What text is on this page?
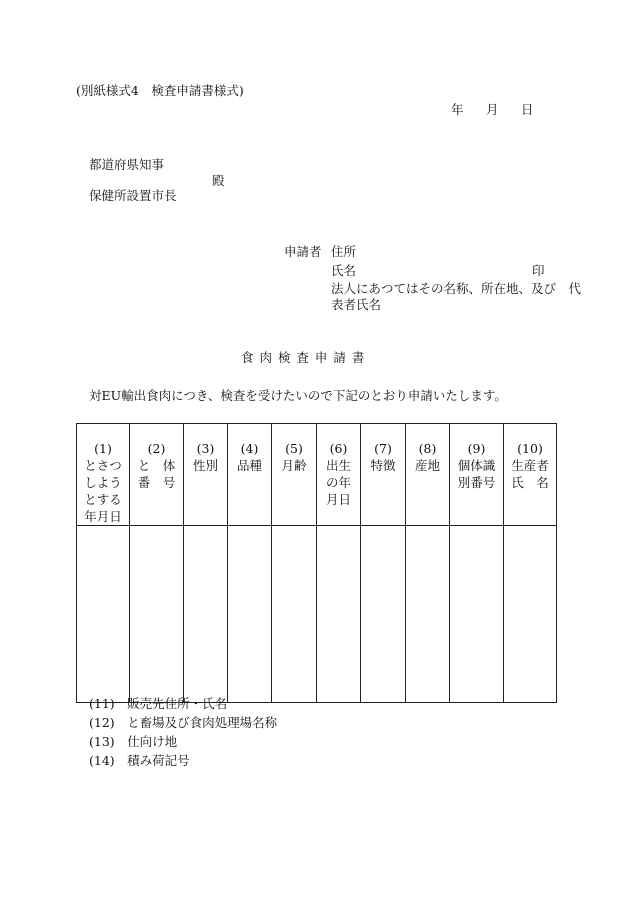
(別紙様式4　検査申請書様式)
年 月 日
都道府県知事
殿
保健所設置市長
申請者 住所
氏名	印
法人にあつてはその名称、所在地、及び　代
表者氏名
食 肉 検 査 申 請 書
対EU輸出食肉につき、検査を受けたいので下記のとおり申請いたします。
(1)
とさつ
しよう
とする
年月日	(2)
と　体
番　号	(3)
性別	(4)
品種	(5)
月齢	(6)
出生
の年
月日	(7)
特徴	(8)
産地	(9)
個体識
別番号	(10)
生産者
氏　名

(11)　販売先住所・氏名
(12)　と畜場及び食肉処理場名称
(13)　仕向け地
(14)　積み荷記号
